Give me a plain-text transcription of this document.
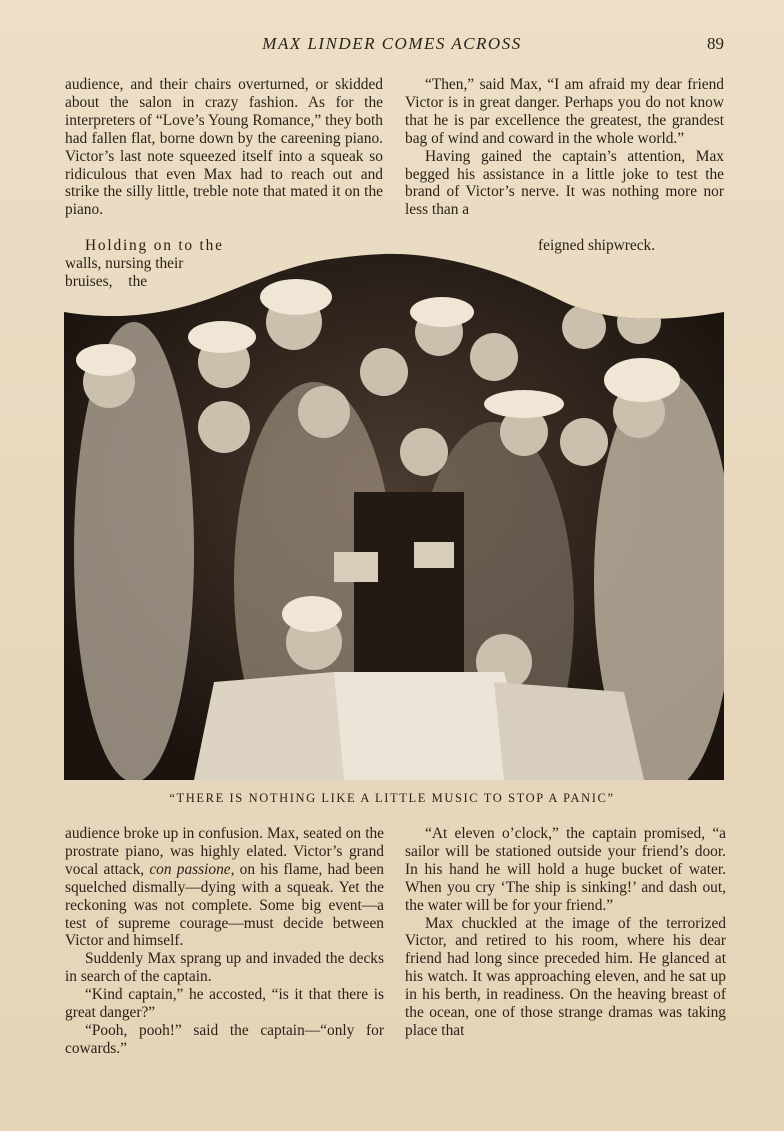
MAX LINDER COMES ACROSS	89

audience, and their chairs overturned, or skidded about the salon in crazy fashion. As for the interpreters of “Love’s Young Romance,” they both had fallen flat, borne down by the careening piano. Victor’s last note squeezed itself into a squeak so ridiculous that even Max had to reach out and strike the silly little, treble note that mated it on the piano.

Holding on to the
walls, nursing their
bruises, the

“Then,” said Max, “I am afraid my dear friend Victor is in great danger. Perhaps you do not know that he is par excellence the greatest, the grandest bag of wind and coward in the whole world.”

Having gained the captain’s attention, Max begged his assistance in a little joke to test the brand of Victor’s nerve. It was nothing more nor less than a

feigned shipwreck.
“THERE IS NOTHING LIKE A LITTLE MUSIC TO STOP A PANIC”

audience broke up in confusion. Max, seated on the prostrate piano, was highly elated. Victor’s grand vocal attack, con passione, on his flame, had been squelched dismally—dying with a squeak. Yet the reckoning was not complete. Some big event—a test of supreme courage—must decide between Victor and himself.

Suddenly Max sprang up and invaded the decks in search of the captain.

“Kind captain,” he accosted, “is it that there is great danger?”

“Pooh, pooh!” said the captain—“only for cowards.”

“At eleven o’clock,” the captain promised, “a sailor will be stationed outside your friend’s door. In his hand he will hold a huge bucket of water. When you cry ‘The ship is sinking!’ and dash out, the water will be for your friend.”

Max chuckled at the image of the terrorized Victor, and retired to his room, where his dear friend had long since preceded him. He glanced at his watch. It was approaching eleven, and he sat up in his berth, in readiness. On the heaving breast of the ocean, one of those strange dramas was taking place that
